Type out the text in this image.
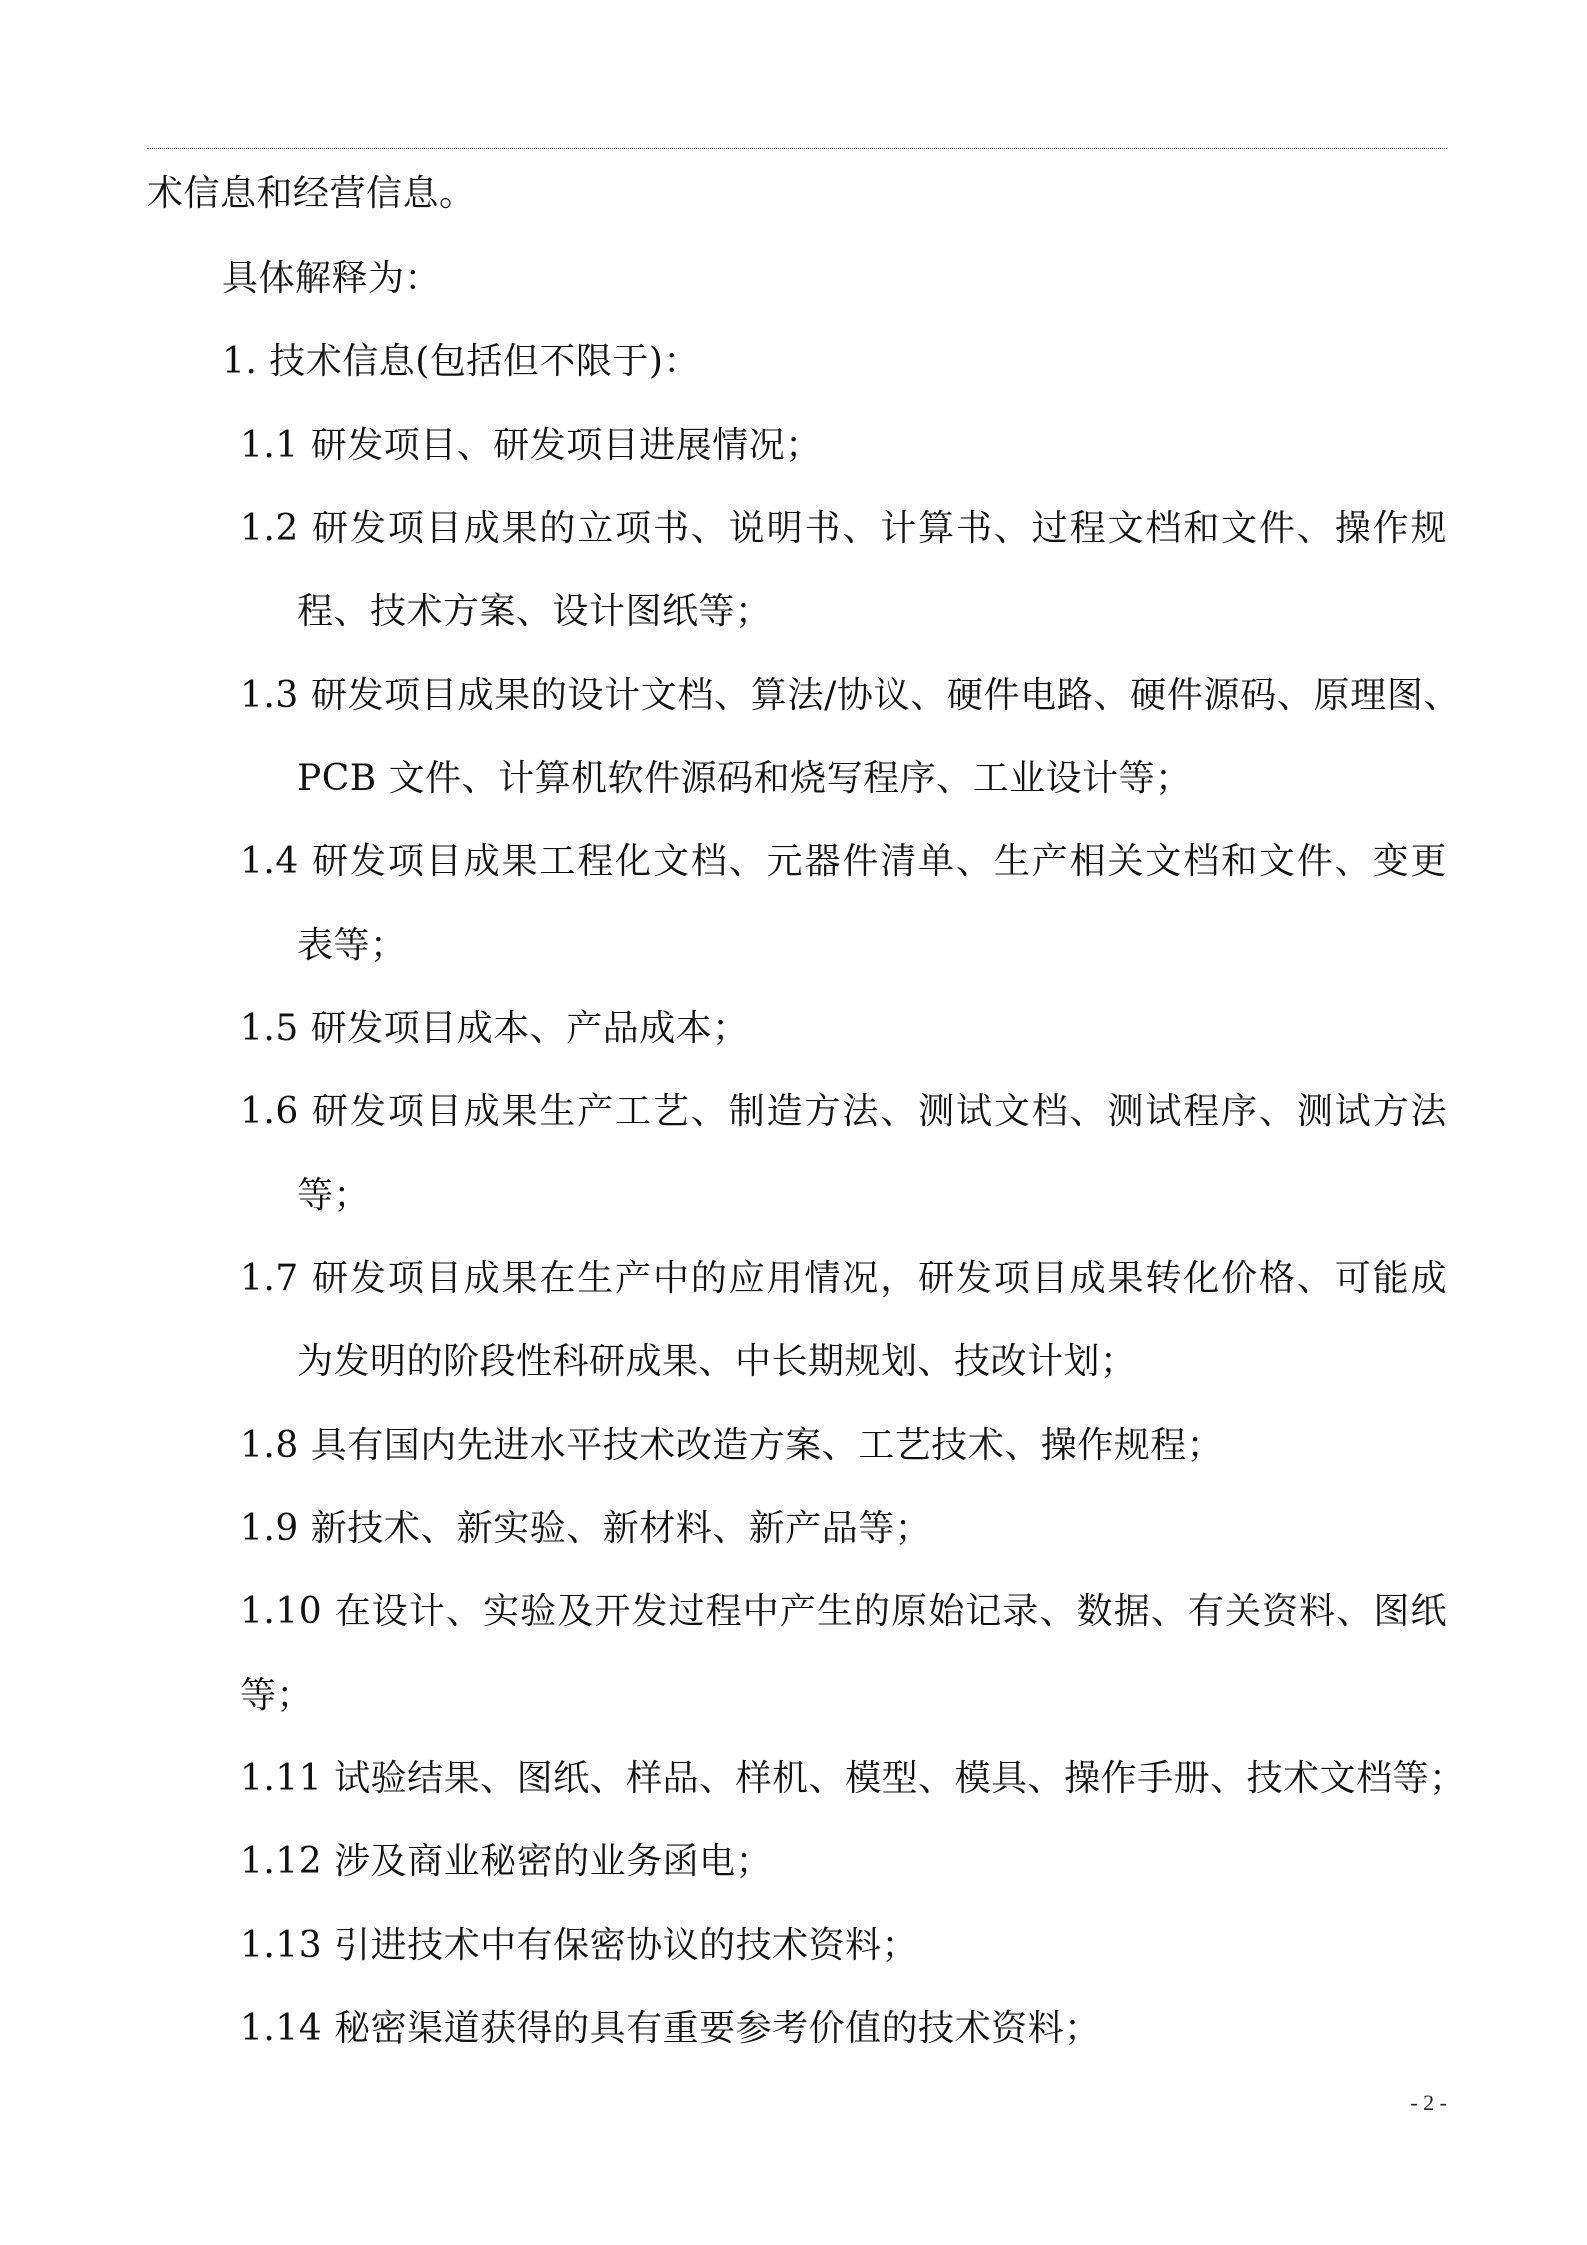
术信息和经营信息。
具体解释为：
1. 技术信息(包括但不限于)：
1.1 研发项目、研发项目进展情况；
1.2 研发项目成果的立项书、说明书、计算书、过程文档和文件、操作规
程、技术方案、设计图纸等；
1.3 研发项目成果的设计文档、算法/协议、硬件电路、硬件源码、原理图、
PCB 文件、计算机软件源码和烧写程序、工业设计等；
1.4 研发项目成果工程化文档、元器件清单、生产相关文档和文件、变更
表等；
1.5 研发项目成本、产品成本；
1.6 研发项目成果生产工艺、制造方法、测试文档、测试程序、测试方法
等；
1.7 研发项目成果在生产中的应用情况，研发项目成果转化价格、可能成
为发明的阶段性科研成果、中长期规划、技改计划；
1.8 具有国内先进水平技术改造方案、工艺技术、操作规程；
1.9 新技术、新实验、新材料、新产品等；
1.10 在设计、实验及开发过程中产生的原始记录、数据、有关资料、图纸
等；
1.11 试验结果、图纸、样品、样机、模型、模具、操作手册、技术文档等；
1.12 涉及商业秘密的业务函电；
1.13 引进技术中有保密协议的技术资料；
1.14 秘密渠道获得的具有重要参考价值的技术资料；
- 2 -
